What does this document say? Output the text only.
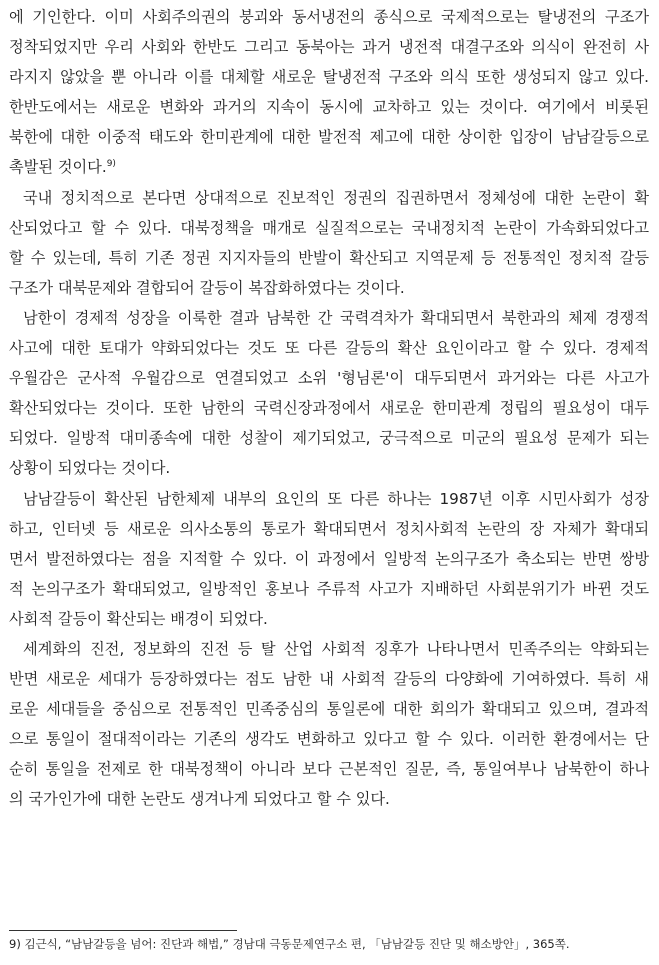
에 기인한다. 이미 사회주의권의 붕괴와 동서냉전의 종식으로 국제적으로는 탈냉전의 구조가
정착되었지만 우리 사회와 한반도 그리고 동북아는 과거 냉전적 대결구조와 의식이 완전히 사
라지지 않았을 뿐 아니라 이를 대체할 새로운 탈냉전적 구조와 의식 또한 생성되지 않고 있다.
한반도에서는 새로운 변화와 과거의 지속이 동시에 교차하고 있는 것이다. 여기에서 비롯된
북한에 대한 이중적 태도와 한미관계에 대한 발전적 제고에 대한 상이한 입장이 남남갈등으로
촉발된 것이다.$^{9)}$
국내 정치적으로 본다면 상대적으로 진보적인 정권의 집권하면서 정체성에 대한 논란이 확
산되었다고 할 수 있다. 대북정책을 매개로 실질적으로는 국내정치적 논란이 가속화되었다고
할 수 있는데, 특히 기존 정권 지지자들의 반발이 확산되고 지역문제 등 전통적인 정치적 갈등
구조가 대북문제와 결합되어 갈등이 복잡화하였다는 것이다.
남한이 경제적 성장을 이룩한 결과 남북한 간 국력격차가 확대되면서 북한과의 체제 경쟁적
사고에 대한 토대가 약화되었다는 것도 또 다른 갈등의 확산 요인이라고 할 수 있다. 경제적
우월감은 군사적 우월감으로 연결되었고 소위 '형님론'이 대두되면서 과거와는 다른 사고가
확산되었다는 것이다. 또한 남한의 국력신장과정에서 새로운 한미관계 정립의 필요성이 대두
되었다. 일방적 대미종속에 대한 성찰이 제기되었고, 궁극적으로 미군의 필요성 문제가 되는
상황이 되었다는 것이다.
남남갈등이 확산된 남한체제 내부의 요인의 또 다른 하나는 1987년 이후 시민사회가 성장
하고, 인터넷 등 새로운 의사소통의 통로가 확대되면서 정치사회적 논란의 장 자체가 확대되
면서 발전하였다는 점을 지적할 수 있다. 이 과정에서 일방적 논의구조가 축소되는 반면 쌍방
적 논의구조가 확대되었고, 일방적인 홍보나 주류적 사고가 지배하던 사회분위기가 바뀐 것도
사회적 갈등이 확산되는 배경이 되었다.
세계화의 진전, 정보화의 진전 등 탈 산업 사회적 징후가 나타나면서 민족주의는 약화되는
반면 새로운 세대가 등장하였다는 점도 남한 내 사회적 갈등의 다양화에 기여하였다. 특히 새
로운 세대들을 중심으로 전통적인 민족중심의 통일론에 대한 회의가 확대되고 있으며, 결과적
으로 통일이 절대적이라는 기존의 생각도 변화하고 있다고 할 수 있다. 이러한 환경에서는 단
순히 통일을 전제로 한 대북정책이 아니라 보다 근본적인 질문, 즉, 통일여부나 남북한이 하나
의 국가인가에 대한 논란도 생겨나게 되었다고 할 수 있다.
9) 김근식, “남남갈등을 넘어: 진단과 해법,” 경남대 극동문제연구소 편, 「남남갈등 진단 및 해소방안」, 365쪽.
